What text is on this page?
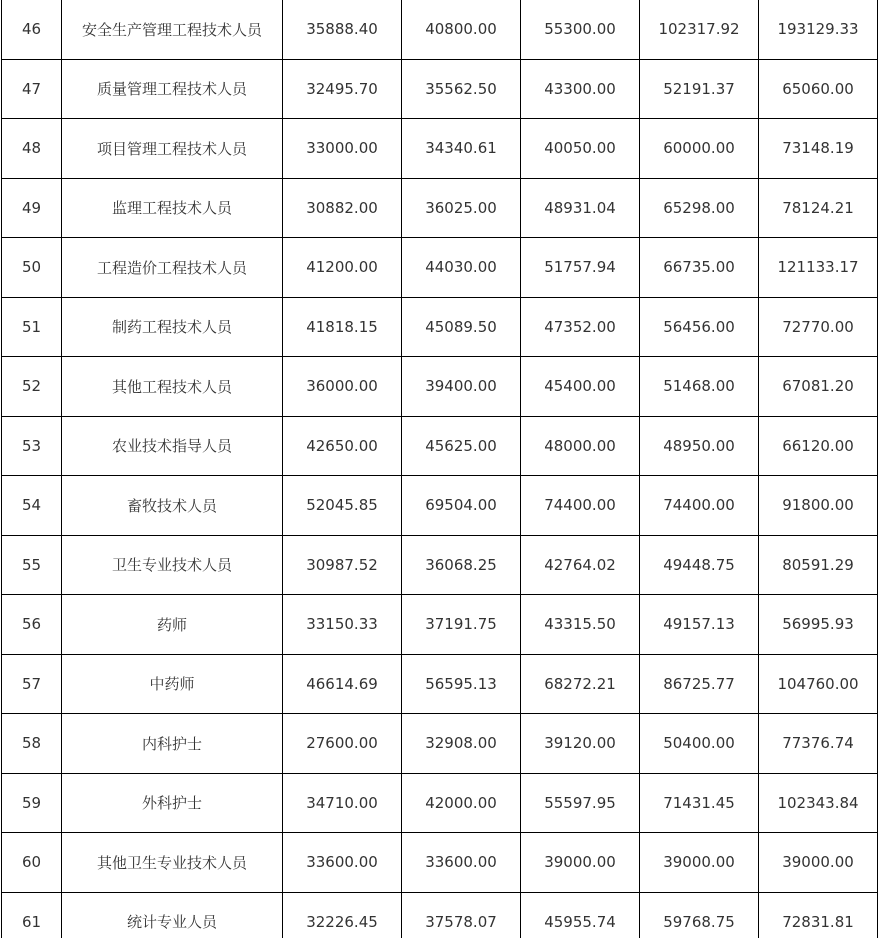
46	安全生产管理工程技术人员	35888.40	40800.00	55300.00	102317.92	193129.33
47	质量管理工程技术人员	32495.70	35562.50	43300.00	52191.37	65060.00
48	项目管理工程技术人员	33000.00	34340.61	40050.00	60000.00	73148.19
49	监理工程技术人员	30882.00	36025.00	48931.04	65298.00	78124.21
50	工程造价工程技术人员	41200.00	44030.00	51757.94	66735.00	121133.17
51	制药工程技术人员	41818.15	45089.50	47352.00	56456.00	72770.00
52	其他工程技术人员	36000.00	39400.00	45400.00	51468.00	67081.20
53	农业技术指导人员	42650.00	45625.00	48000.00	48950.00	66120.00
54	畜牧技术人员	52045.85	69504.00	74400.00	74400.00	91800.00
55	卫生专业技术人员	30987.52	36068.25	42764.02	49448.75	80591.29
56	药师	33150.33	37191.75	43315.50	49157.13	56995.93
57	中药师	46614.69	56595.13	68272.21	86725.77	104760.00
58	内科护士	27600.00	32908.00	39120.00	50400.00	77376.74
59	外科护士	34710.00	42000.00	55597.95	71431.45	102343.84
60	其他卫生专业技术人员	33600.00	33600.00	39000.00	39000.00	39000.00
61	统计专业人员	32226.45	37578.07	45955.74	59768.75	72831.81
